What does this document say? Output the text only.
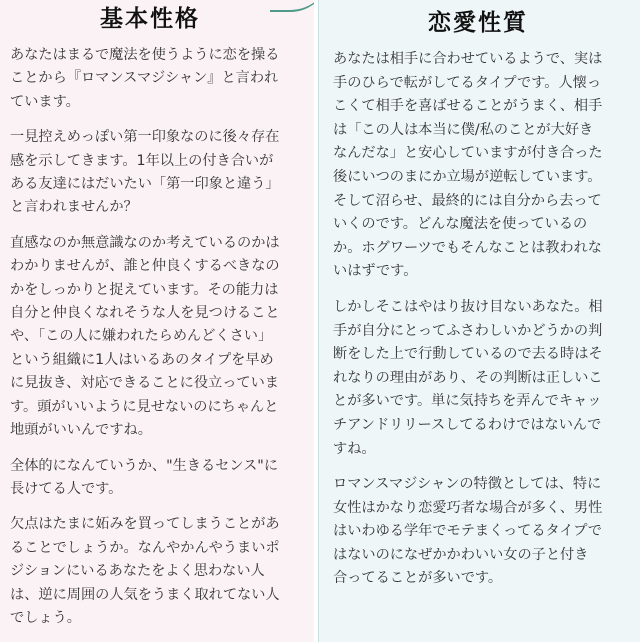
基本性格

あなたはまるで魔法を使うように恋を操る
ことから『ロマンスマジシャン』と言われ
ています。

一見控えめっぽい第一印象なのに後々存在
感を示してきます。1年以上の付き合いが
ある友達にはだいたい「第一印象と違う」
と言われませんか？

直感なのか無意識なのか考えているのかは
わかりませんが、誰と仲良くするべきなの
かをしっかりと捉えています。その能力は
自分と仲良くなれそうな人を見つけること
や、「この人に嫌われたらめんどくさい」
という組織に1人はいるあのタイプを早め
に見抜き、対応できることに役立っていま
す。頭がいいように見せないのにちゃんと
地頭がいいんですね。

全体的になんていうか、"生きるセンス"に
長けてる人です。

欠点はたまに妬みを買ってしまうことがあ
ることでしょうか。なんやかんやうまいポ
ジションにいるあなたをよく思わない人
は、逆に周囲の人気をうまく取れてない人
でしょう。

恋愛性質

あなたは相手に合わせているようで、実は
手のひらで転がしてるタイプです。人懐っ
こくて相手を喜ばせることがうまく、相手
は「この人は本当に僕/私のことが大好き
なんだな」と安心していますが付き合った
後にいつのまにか立場が逆転しています。
そして沼らせ、最終的には自分から去って
いくのです。どんな魔法を使っているの
か。ホグワーツでもそんなことは教われな
いはずです。

しかしそこはやはり抜け目ないあなた。相
手が自分にとってふさわしいかどうかの判
断をした上で行動しているので去る時はそ
れなりの理由があり、その判断は正しいこ
とが多いです。単に気持ちを弄んでキャッ
チアンドリリースしてるわけではないんで
すね。

ロマンスマジシャンの特徴としては、特に
女性はかなり恋愛巧者な場合が多く、男性
はいわゆる学年でモテまくってるタイプで
はないのになぜかかわいい女の子と付き
合ってることが多いです。
